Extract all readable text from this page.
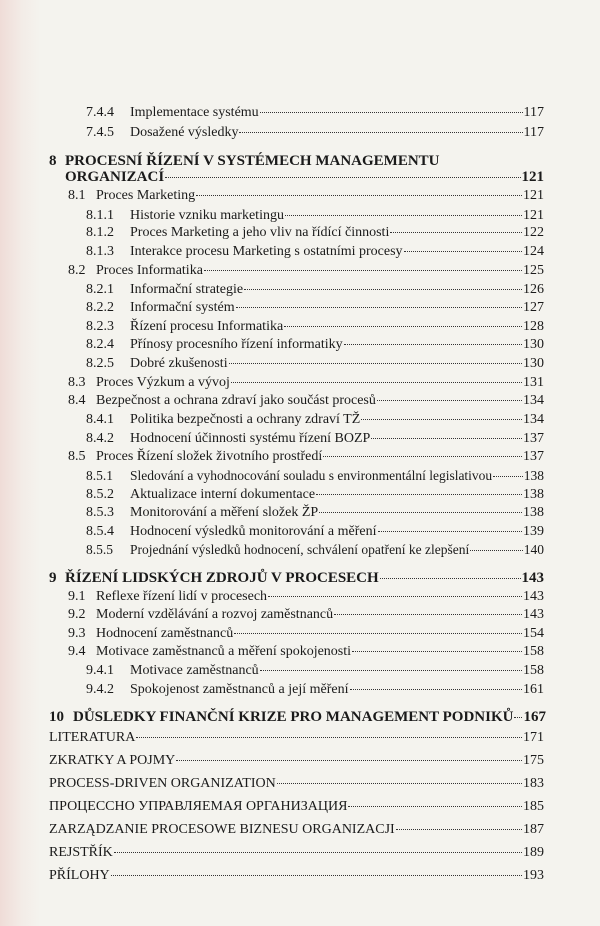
7.4.4	Implementace systému	117
7.4.5	Dosažené výsledky	117
8 PROCESNÍ ŘÍZENÍ V SYSTÉMECH MANAGEMENTU
ORGANIZACÍ	121
8.1 Proces Marketing	121
8.1.1	Historie vzniku marketingu	121
8.1.2	Proces Marketing a jeho vliv na řídící činnosti	122
8.1.3	Interakce procesu Marketing s ostatními procesy	124
8.2 Proces Informatika	125
8.2.1	Informační strategie	126
8.2.2	Informační systém	127
8.2.3	Řízení procesu Informatika	128
8.2.4	Přínosy procesního řízení informatiky	130
8.2.5	Dobré zkušenosti	130
8.3 Proces Výzkum a vývoj	131
8.4 Bezpečnost a ochrana zdraví jako součást procesů	134
8.4.1	Politika bezpečnosti a ochrany zdraví TŽ	134
8.4.2	Hodnocení účinnosti systému řízení BOZP	137
8.5 Proces Řízení složek životního prostředí	137
8.5.1	Sledování a vyhodnocování souladu s environmentální legislativou 138
8.5.2	Aktualizace interní dokumentace	138
8.5.3	Monitorování a měření složek ŽP	138
8.5.4	Hodnocení výsledků monitorování a měření	139
8.5.5	Projednání výsledků hodnocení, schválení opatření ke zlepšení	140
9 ŘÍZENÍ LIDSKÝCH ZDROJŮ V PROCESECH	143
9.1 Reflexe řízení lidí v procesech	143
9.2 Moderní vzdělávání a rozvoj zaměstnanců	143
9.3 Hodnocení zaměstnanců	154
9.4 Motivace zaměstnanců a měření spokojenosti	158
9.4.1	Motivace zaměstnanců	158
9.4.2	Spokojenost zaměstnanců a její měření	161
10 DŮSLEDKY FINANČNÍ KRIZE PRO MANAGEMENT PODNIKŮ 167
LITERATURA	171
ZKRATKY A POJMY	175
PROCESS-DRIVEN ORGANIZATION	183
ПРОЦЕССНО УПРАВЛЯЕМАЯ ОРГАНИЗАЦИЯ	185
ZARZĄDZANIE PROCESOWE BIZNESU ORGANIZACJI	187
REJSTŘÍK	189
PŘÍLOHY	193
